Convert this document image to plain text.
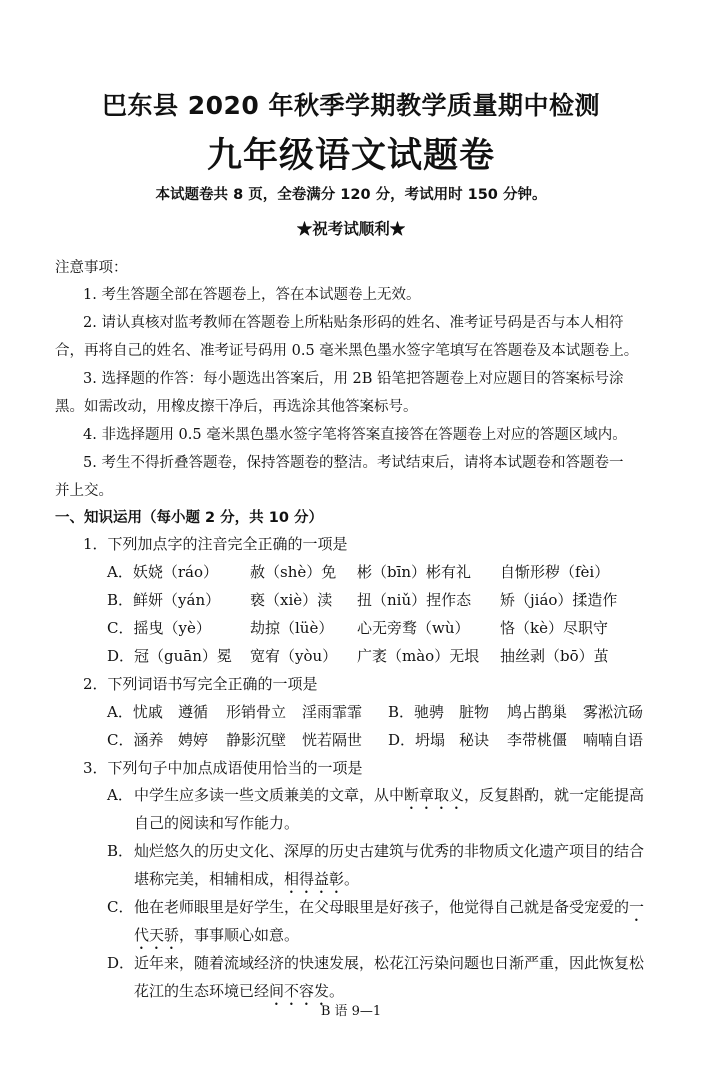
巴东县 2020 年秋季学期教学质量期中检测
九年级语文试题卷
本试题卷共 8 页，全卷满分 120 分，考试用时 150 分钟。
★祝考试顺利★
注意事项：
1. 考生答题全部在答题卷上，答在本试题卷上无效。
2. 请认真核对监考教师在答题卷上所粘贴条形码的姓名、准考证号码是否与本人相符
合，再将自己的姓名、准考证号码用 0.5 毫米黑色墨水签字笔填写在答题卷及本试题卷上。
3. 选择题的作答：每小题选出答案后，用 2B 铅笔把答题卷上对应题目的答案标号涂
黑。如需改动，用橡皮擦干净后，再选涂其他答案标号。
4. 非选择题用 0.5 毫米黑色墨水签字笔将答案直接答在答题卷上对应的答题区域内。
5. 考生不得折叠答题卷，保持答题卷的整洁。考试结束后，请将本试题卷和答题卷一
并上交。
一、知识运用（每小题 2 分，共 10 分）
1．下列加点字的注音完全正确的一项是
A．妖娆（ráo） 赦（shè）免 彬（bīn）彬有礼 自惭形秽（fèi）
B．鲜妍（yán） 亵（xiè）渎 扭（niǔ）捏作态 矫（jiáo）揉造作
C．摇曳（yè）	劫掠（lüè） 心无旁骛（wù） 恪（kè）尽职守
D．冠（guān）冕 宽宥（yòu） 广袤（mào）无垠 抽丝剥（bō）茧
2．下列词语书写完全正确的一项是
A．忧戚 遵循 形销骨立 淫雨霏霏 B．驰骋 脏物 鸠占鹊巢 雾淞沆砀
C．涵养 娉婷 静影沉壁 恍若隔世 D．坍塌 秘诀 李带桃僵 喃喃自语
3．下列句子中加点成语使用恰当的一项是
A． 中学生应多读一些文质兼美的文章，从中断章取义，反复斟酌，就一定能提高
自己的阅读和写作能力。
B． 灿烂悠久的历史文化、深厚的历史古建筑与优秀的非物质文化遗产项目的结合
堪称完美，相辅相成，相得益彰。
C． 他在老师眼里是好学生，在父母眼里是好孩子，他觉得自己就是备受宠爱的一
代天骄，事事顺心如意。
D． 近年来，随着流域经济的快速发展，松花江污染问题也日渐严重，因此恢复松
花江的生态环境已经间不容发。
B 语 9—1
